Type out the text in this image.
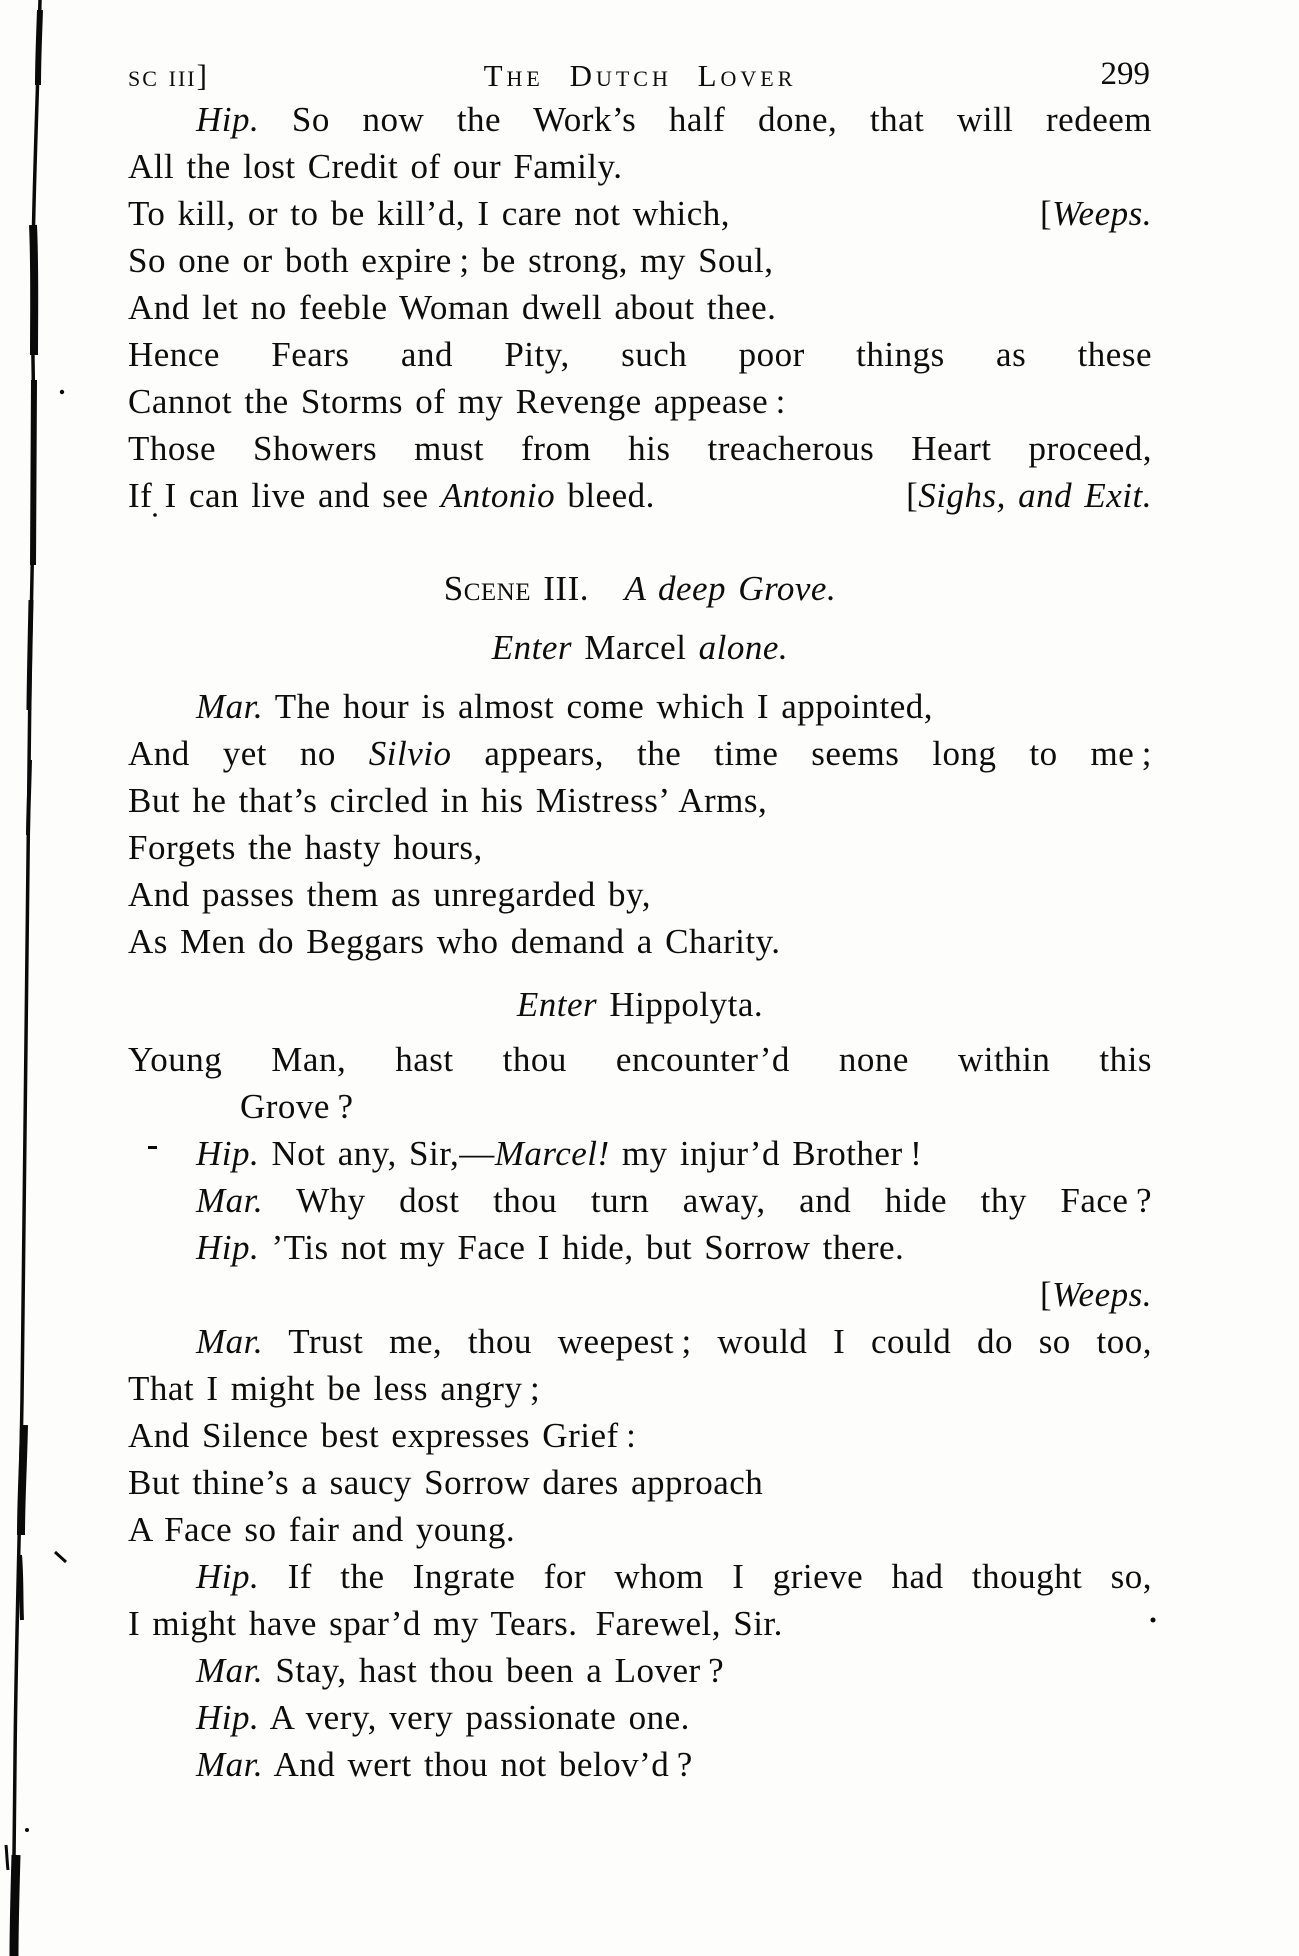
sc iii]	The Dutch Lover	299
Hip. So now the Work’s half done, that will redeem
All the lost Credit of our Family.
To kill, or to be kill’d, I care not which,	[Weeps.
So one or both expire ; be strong, my Soul,
And let no feeble Woman dwell about thee.
Hence Fears and Pity, such poor things as these
Cannot the Storms of my Revenge appease :
Those Showers must from his treacherous Heart proceed,
If I can live and see Antonio bleed.	[Sighs, and Exit.
Scene III. A deep Grove.
Enter Marcel alone.
Mar. The hour is almost come which I appointed,
And yet no Silvio appears, the time seems long to me ;
But he that’s circled in his Mistress’ Arms,
Forgets the hasty hours,
And passes them as unregarded by,
As Men do Beggars who demand a Charity.
Enter Hippolyta.
Young Man, hast thou encounter’d none within this
Grove ?
Hip. Not any, Sir,—Marcel! my injur’d Brother !
Mar. Why dost thou turn away, and hide thy Face ?
Hip. ’Tis not my Face I hide, but Sorrow there.
[Weeps.
Mar. Trust me, thou weepest ; would I could do so too,
That I might be less angry ;
And Silence best expresses Grief :
But thine’s a saucy Sorrow dares approach
A Face so fair and young.
Hip. If the Ingrate for whom I grieve had thought so,
I might have spar’d my Tears. Farewel, Sir.
Mar. Stay, hast thou been a Lover ?
Hip. A very, very passionate one.
Mar. And wert thou not belov’d ?
